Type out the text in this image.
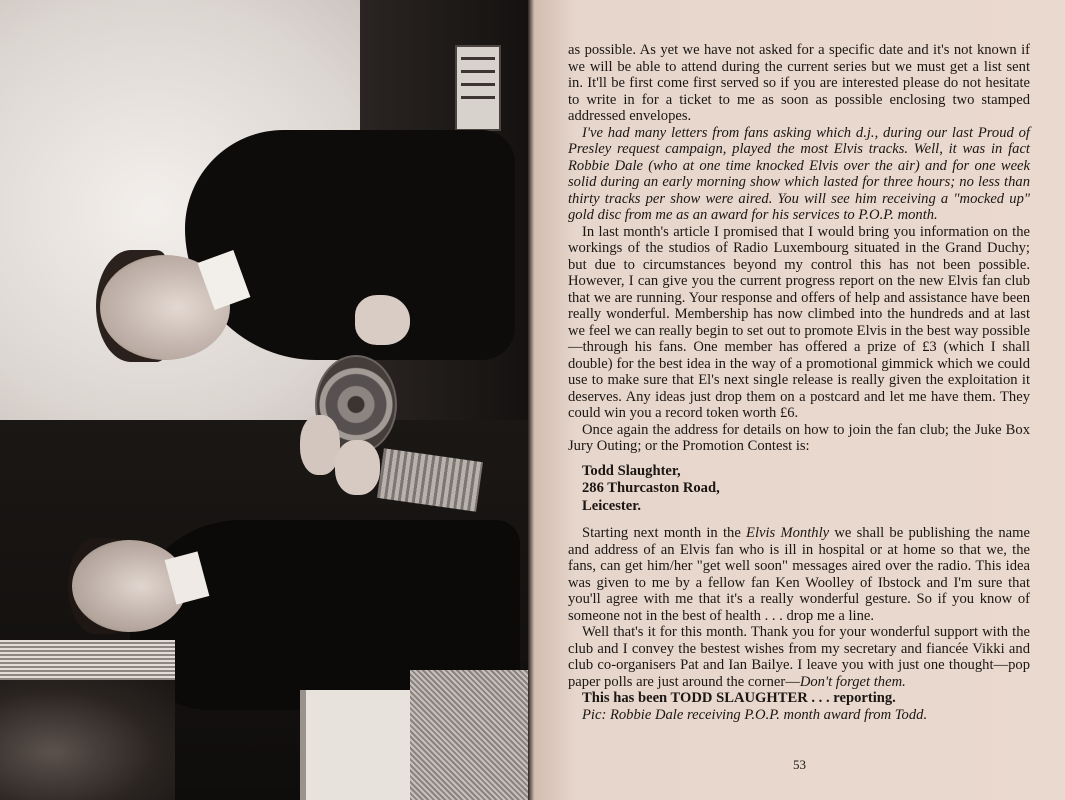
as possible. As yet we have not asked for a specific date and it's not known if we will be able to attend during the current series but we must get a list sent in. It'll be first come first served so if you are interested please do not hesitate to write in for a ticket to me as soon as possible enclosing two stamped addressed envelopes.

I've had many letters from fans asking which d.j., during our last Proud of Presley request campaign, played the most Elvis tracks. Well, it was in fact Robbie Dale (who at one time knocked Elvis over the air) and for one week solid during an early morning show which lasted for three hours; no less than thirty tracks per show were aired. You will see him receiving a "mocked up" gold disc from me as an award for his services to P.O.P. month.

In last month's article I promised that I would bring you information on the workings of the studios of Radio Luxembourg situated in the Grand Duchy; but due to circumstances beyond my control this has not been possible. However, I can give you the current progress report on the new Elvis fan club that we are running. Your response and offers of help and assistance have been really wonderful. Membership has now climbed into the hundreds and at last we feel we can really begin to set out to promote Elvis in the best way possible—through his fans. One member has offered a prize of £3 (which I shall double) for the best idea in the way of a promotional gimmick which we could use to make sure that El's next single release is really given the exploitation it deserves. Any ideas just drop them on a postcard and let me have them. They could win you a record token worth £6.

Once again the address for details on how to join the fan club; the Juke Box Jury Outing; or the Promotion Contest is:

Todd Slaughter,
286 Thurcaston Road,
Leicester.

Starting next month in the Elvis Monthly we shall be publishing the name and address of an Elvis fan who is ill in hospital or at home so that we, the fans, can get him/her "get well soon" messages aired over the radio. This idea was given to me by a fellow fan Ken Woolley of Ibstock and I'm sure that you'll agree with me that it's a really wonderful gesture. So if you know of someone not in the best of health . . . drop me a line.

Well that's it for this month. Thank you for your wonderful support with the club and I convey the bestest wishes from my secretary and fiancée Vikki and club co-organisers Pat and Ian Bailye. I leave you with just one thought—pop paper polls are just around the corner—Don't forget them.

This has been TODD SLAUGHTER . . . reporting.

Pic: Robbie Dale receiving P.O.P. month award from Todd.

53
